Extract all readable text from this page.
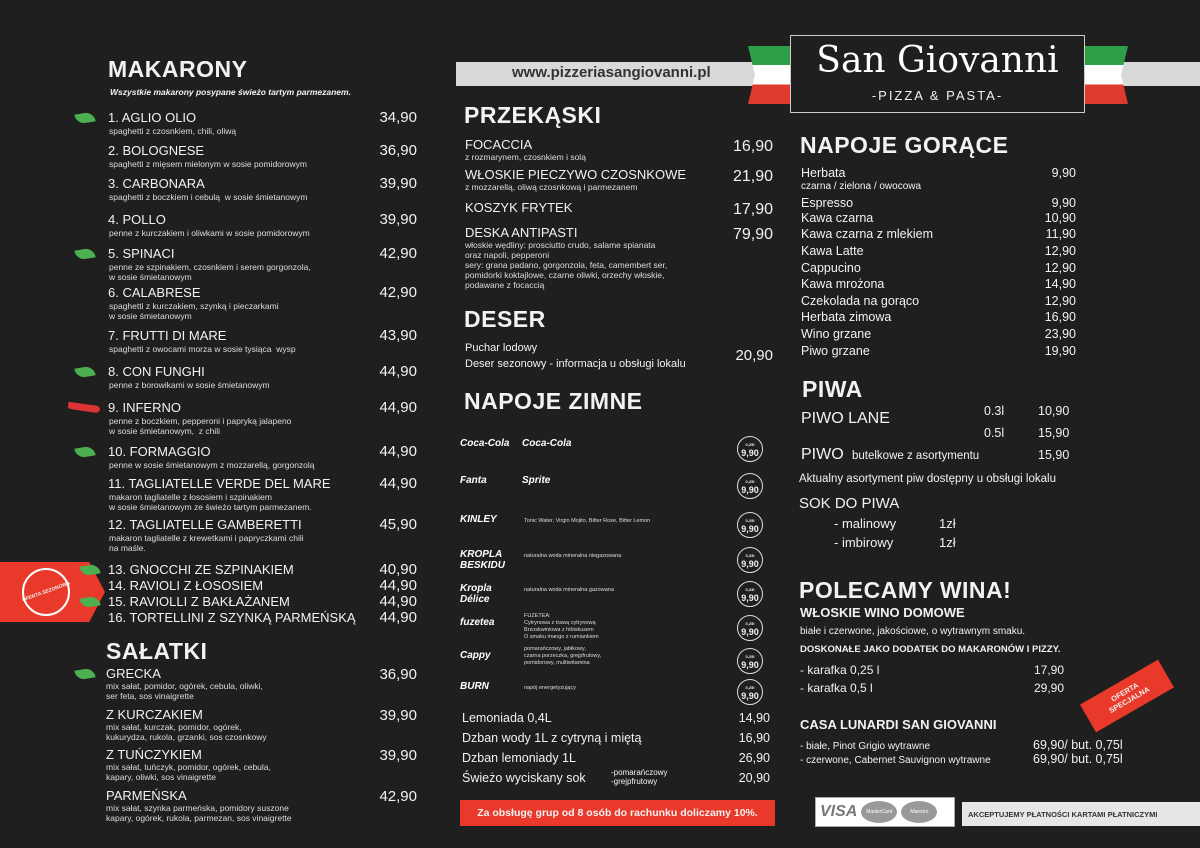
www.pizzeriasangiovanni.pl	San Giovanni
-PIZZA & PASTA-
MAKARONY
Wszystkie makarony posypane świeżo tartym parmezanem.
OFERTA SEZONOWA
SAŁATKI
PRZEKĄSKI
DESER
Puchar lodowy
Deser sezonowy - informacja u obsługi lokalu	20,90
NAPOJE ZIMNE
Za obsługę grup od 8 osób do rachunku doliczamy 10%.	VISA	MasterCard	Maestro	AKCEPTUJEMY PŁATNOŚCI KARTAMI PŁATNICZYMI
NAPOJE GORĄCE
PIWA
PIWO LANE
PIWO butelkowe z asortymentu	15,90
Aktualny asortyment piw dostępny u obsługi lokalu
SOK DO PIWA
POLECAMY WINA!
WŁOSKIE WINO DOMOWE
białe i czerwone, jakościowe, o wytrawnym smaku.
DOSKONAŁE JAKO DODATEK DO MAKARONÓW I PIZZY.
OFERTA SPECJALNA
CASA LUNARDI SAN GIOVANNI
1. AGLIO OLIO
spaghetti z czosnkiem, chili, oliwą
34,90
2. BOLOGNESE
spaghetti z mięsem mielonym w sosie pomidorowym
36,90
3. CARBONARA
spaghetti z boczkiem i cebulą  w sosie śmietanowym
39,90
4. POLLO
penne z kurczakiem i oliwkami w sosie pomidorowym
39,90
5. SPINACI
penne ze szpinakiem, czosnkiem i serem gorgonzola,
w sosie śmietanowym
42,90
6. CALABRESE
spaghetti z kurczakiem, szynką i pieczarkami
w sosie śmietanowym
42,90
7. FRUTTI DI MARE
spaghetti z owocami morza w sosie tysiąca  wysp
43,90
8. CON FUNGHI
penne z borowikami w sosie śmietanowym
44,90
9. INFERNO
penne z boczkiem, pepperoni i papryką jalapeno
w sosie śmietanowym,  z chili
44,90
10. FORMAGGIO
penne w sosie śmietanowym z mozzarellą, gorgonzolą
44,90
11. TAGLIATELLE VERDE DEL MARE
makaron tagliatelle z łososiem i szpinakiem
w sosie śmietanowym ze świeżo tartym parmezanem.
44,90
12. TAGLIATELLE GAMBERETTI
makaron tagliatelle z krewetkami i papryczkami chili
na maśle.
45,90
13. GNOCCHI ZE SZPINAKIEM	40,90
14. RAVIOLI Z ŁOSOSIEM	44,90
15. RAVIOLLI Z BAKŁAŻANEM	44,90
16. TORTELLINI Z SZYNKĄ PARMEŃSKĄ 44,90
GRECKA
mix sałat, pomidor, ogórek, cebula, oliwki,
ser feta, sos vinaigrette
36,90
Z KURCZAKIEM
mix sałat, kurczak, pomidor, ogórek,
kukurydza, rukola, grzanki, sos czosnkowy
39,90
Z TUŃCZYKIEM
mix sałat, tuńczyk, pomidor, ogórek, cebula,
kapary, oliwki, sos vinaigrette
39,90
PARMEŃSKA
mix sałat, szynka parmeńska, pomidory suszone
kapary, ogórek, rukola, parmezan, sos vinaigrette
42,90
FOCACCIA
z rozmarynem, czosnkiem i solą
16,90
WŁOSKIE PIECZYWO CZOSNKOWE
z mozzarellą, oliwą czosnkową i parmezanem
21,90
KOSZYK FRYTEK	17,90
DESKA ANTIPASTI
włoskie wędliny: prosciutto crudo, salame spianata
oraz napoli, pepperoni
sery: grana padano, gorgonzola, feta, camembert ser,
pomidorki koktajlowe, czarne oliwki, orzechy włoskie,
podawane z focaccią
79,90
Coca-Cola	Coca-Cola	0,25l
9,90
Fanta	Sprite	0,25l
9,90
KINLEY	Tonic Water, Virgin Mojito, Bitter Rose, Bitter Lemon	0,25l
9,90
KROPLA BESKIDU
naturalna woda mineralna niegazowana	0,33l
9,90
Kropla Délice
naturalna woda mineralna gazowana	0,33l
9,90
fuzetea
FUZETEA:
Cytrynowa z trawą cytrynową
Brzoskwiniowa z hibiskusem
O smaku mango z rumiankiem
0,25l
9,90
Cappy
pomarańczowy, jabłkowy,
czarna porzeczka, grejpfrutowy,
pomidorowy, multiwitamina
0,25l
9,90
BURN	napój energetyzujący	0,25l
9,90
Lemoniada 0,4L	14,90
Dzban wody 1L z cytryną i miętą	16,90
Dzban lemoniady 1L	26,90
Świeżo wyciskany sok	20,90
-pomarańczowy
-grejpfrutowy
Herbata
czarna / zielona / owocowa
9,90
Espresso	9,90
Kawa czarna	10,90
Kawa czarna z mlekiem	11,90
Kawa Latte	12,90
Cappucino	12,90
Kawa mrożona	14,90
Czekolada na gorąco	12,90
Herbata zimowa	16,90
Wino grzane	23,90
Piwo grzane	19,90
0.3l	10,90
0.5l	15,90
- malinowy	1zł
- imbirowy	1zł
- karafka 0,25 l	17,90
- karafka 0,5 l	29,90
- białe, Pinot Grigio wytrawne	69,90/ but. 0,75l
- czerwone, Cabernet Sauvignon wytrawne	69,90/ but. 0,75l
